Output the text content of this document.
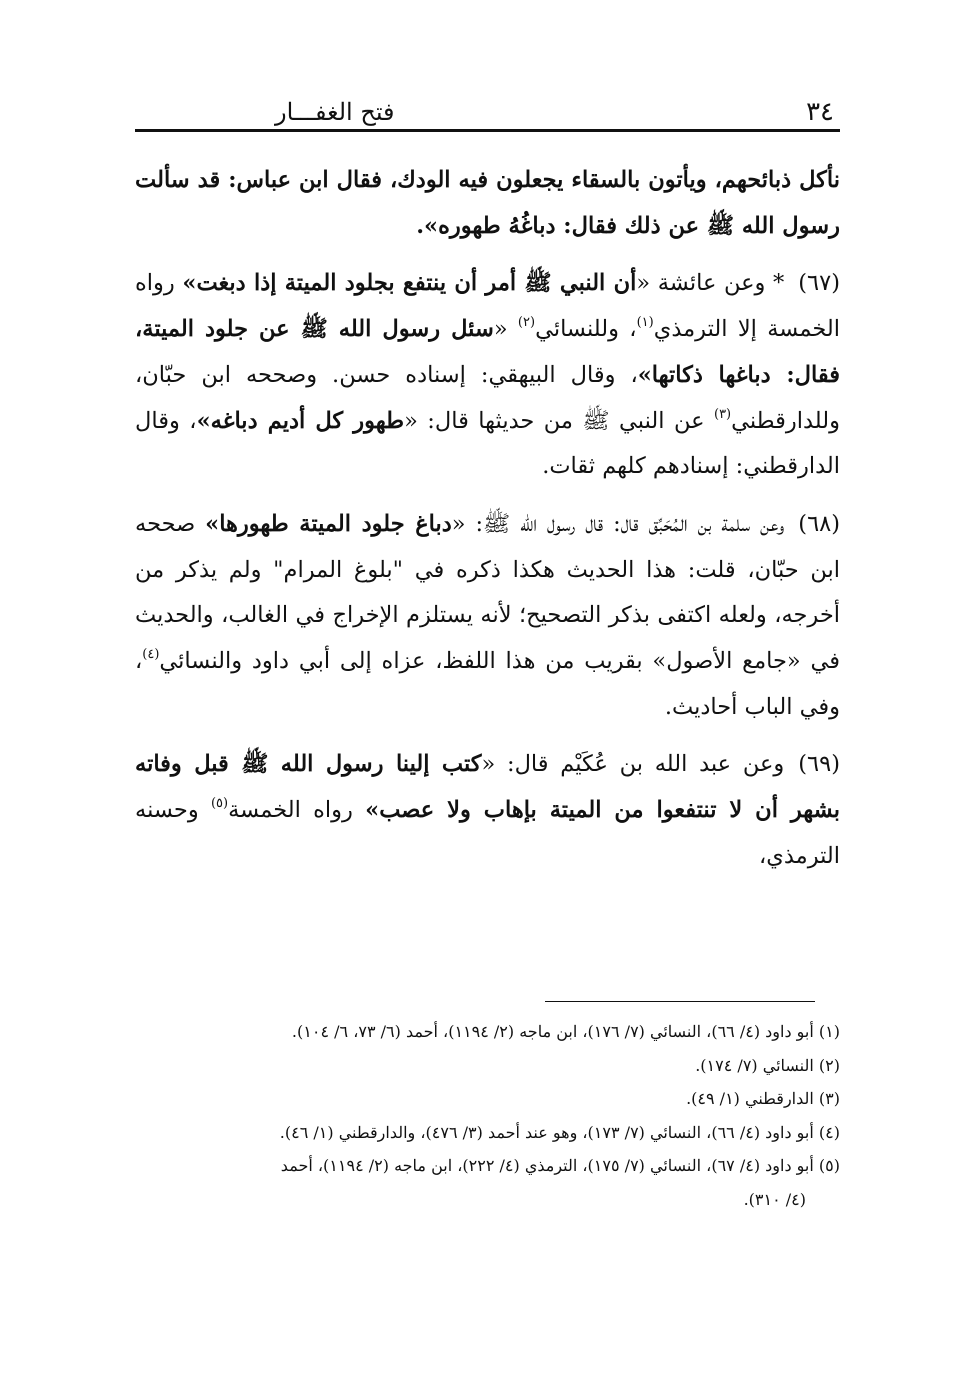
٣٤
فتح الغفـــار

نأكل ذبائحهم، ويأتون بالسقاء يجعلون فيه الودك، فقال ابن عباس: قد سألت رسول الله ﷺ عن ذلك فقال: دباغُهُ طهوره».

(٦٧)* وعن عائشة «أن النبي ﷺ أمر أن ينتفع بجلود الميتة إذا دبغت» رواه الخمسة إلا الترمذي$^{(١)}$، وللنسائي$^{(٢)}$ «سئل رسول الله ﷺ عن جلود الميتة، فقال: دباغها ذكاتها»، وقال البيهقي: إسناده حسن. وصححه ابن حبّان، وللدارقطني$^{(٣)}$ عن النبي ﷺ من حديثها قال: «طهور كل أديم دباغه»، وقال الدارقطني: إسنادهم كلهم ثقات.

(٦٨)وعن سلمة بن المُحَبِّق قال: قال رسول الله ﷺ: «دباغ جلود الميتة طهورها» صححه ابن حبّان، قلت: هذا الحديث هكذا ذكره في "بلوغ المرام" ولم يذكر من أخرجه، ولعله اكتفى بذكر التصحيح؛ لأنه يستلزم الإخراج في الغالب، والحديث في «جامع الأصول» بقريب من هذا اللفظ، عزاه إلى أبي داود والنسائي$^{(٤)}$، وفي الباب أحاديث.

(٦٩)وعن عبد الله بن عُكَيْم قال: «كتب إلينا رسول الله ﷺ قبل وفاته بشهر أن لا تنتفعوا من الميتة بإهاب ولا عصب» رواه الخمسة$^{(٥)}$ وحسنه الترمذي،

(١) أبو داود (٤/ ٦٦)، النسائي (٧/ ١٧٦)، ابن ماجه (٢/ ١١٩٤)، أحمد (٦/ ٧٣، ٦/ ١٠٤).

(٢) النسائي (٧/ ١٧٤).

(٣) الدارقطني (١/ ٤٩).

(٤) أبو داود (٤/ ٦٦)، النسائي (٧/ ١٧٣)، وهو عند أحمد (٣/ ٤٧٦)، والدارقطني (١/ ٤٦).

(٥) أبو داود (٤/ ٦٧)، النسائي (٧/ ١٧٥)، الترمذي (٤/ ٢٢٢)، ابن ماجه (٢/ ١١٩٤)، أحمد

(٤/ ٣١٠).
